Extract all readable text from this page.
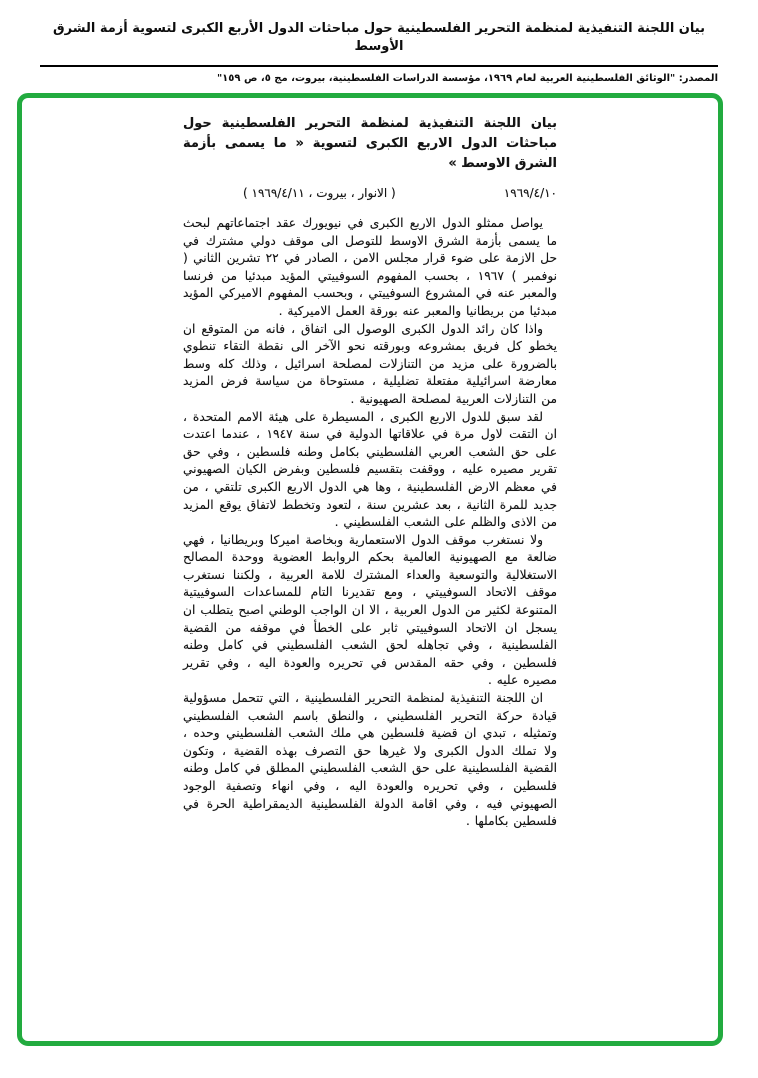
بيان اللجنة التنفيذية لمنظمة التحرير الفلسطينية حول مباحثات الدول الأربع الكبرى لتسوية أزمة الشرق الأوسط
المصدر: "الوثائق الفلسطينية العربية لعام ١٩٦٩، مؤسسة الدراسات الفلسطينية، بيروت، مج ٥، ص ١٥٩"
بيان اللجنة التنفيذية لمنظمة التحرير الفلسطينية حول مباحثات الدول الاربع الكبرى لتسوية « ما يسمى بأزمة الشرق الاوسط »
١٩٦٩/٤/١٠
( الانوار ، بيروت ، ١٩٦٩/٤/١١ )

يواصل ممثلو الدول الاربع الكبرى في نيويورك عقد اجتماعاتهم لبحث ما يسمى بأزمة الشرق الاوسط للتوصل الى موقف دولي مشترك في حل الازمة على ضوء قرار مجلس الامن ، الصادر في ٢٢ تشرين الثاني ( نوفمبر ) ١٩٦٧ ، بحسب المفهوم السوفييتي المؤيد مبدئيا من فرنسا والمعبر عنه في المشروع السوفييتي ، وبحسب المفهوم الاميركي المؤيد مبدئيا من بريطانيا والمعبر عنه بورقة العمل الاميركية .

واذا كان رائد الدول الكبرى الوصول الى اتفاق ، فانه من المتوقع ان يخطو كل فريق بمشروعه وبورقته نحو الآخر الى نقطة التقاء تنطوي بالضرورة على مزيد من التنازلات لمصلحة اسرائيل ، وذلك كله وسط معارضة اسرائيلية مفتعلة تضليلية ، مستوحاة من سياسة فرض المزيد من التنازلات العربية لمصلحة الصهيونية .

لقد سبق للدول الاربع الكبرى ، المسيطرة على هيئة الامم المتحدة ، ان التقت لاول مرة في علاقاتها الدولية في سنة ١٩٤٧ ، عندما اعتدت على حق الشعب العربي الفلسطيني بكامل وطنه فلسطين ، وفي حق تقرير مصيره عليه ، ووقفت بتقسيم فلسطين وبفرض الكيان الصهيوني في معظم الارض الفلسطينية ، وها هي الدول الاربع الكبرى تلتقي ، من جديد للمرة الثانية ، بعد عشرين سنة ، لتعود وتخطط لاتفاق يوقع المزيد من الاذى والظلم على الشعب الفلسطيني .

ولا نستغرب موقف الدول الاستعمارية وبخاصة اميركا وبريطانيا ، فهي ضالعة مع الصهيونية العالمية بحكم الروابط العضوية ووحدة المصالح الاستغلالية والتوسعية والعداء المشترك للامة العربية ، ولكننا نستغرب موقف الاتحاد السوفييتي ، ومع تقديرنا التام للمساعدات السوفييتية المتنوعة لكثير من الدول العربية ، الا ان الواجب الوطني اصبح يتطلب ان يسجل ان الاتحاد السوفييتي ثابر على الخطأ في موقفه من القضية الفلسطينية ، وفي تجاهله لحق الشعب الفلسطيني في كامل وطنه فلسطين ، وفي حقه المقدس في تحريره والعودة اليه ، وفي تقرير مصيره عليه .

ان اللجنة التنفيذية لمنظمة التحرير الفلسطينية ، التي تتحمل مسؤولية قيادة حركة التحرير الفلسطيني ، والنطق باسم الشعب الفلسطيني وتمثيله ، تبدي ان قضية فلسطين هي ملك الشعب الفلسطيني وحده ، ولا تملك الدول الكبرى ولا غيرها حق التصرف بهذه القضية ، وتكون القضية الفلسطينية على حق الشعب الفلسطيني المطلق في كامل وطنه فلسطين ، وفي تحريره والعودة اليه ، وفي انهاء وتصفية الوجود الصهيوني فيه ، وفي اقامة الدولة الفلسطينية الديمقراطية الحرة في فلسطين بكاملها .
